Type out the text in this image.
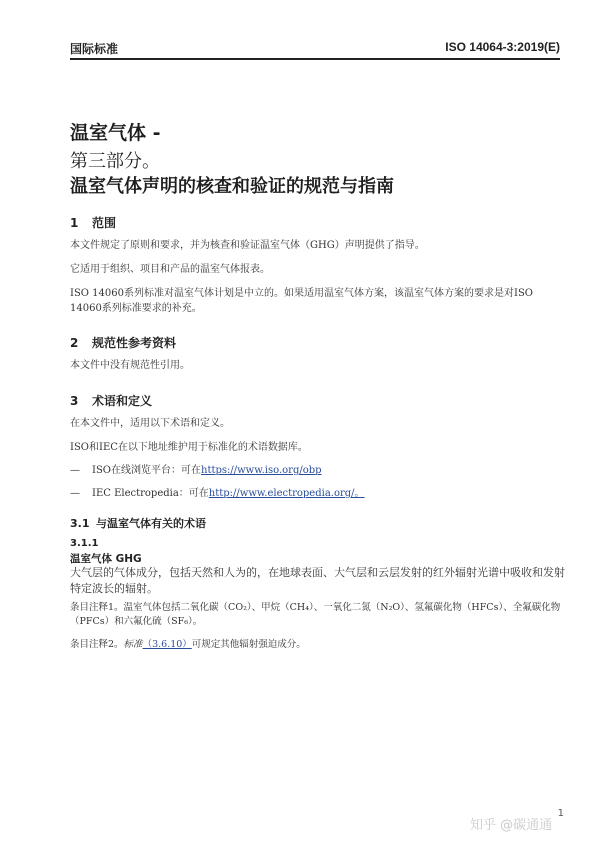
国际标准	ISO 14064-3:2019(E)
温室气体 -
第三部分。
温室气体声明的核查和验证的规范与指南
1 范围
本文件规定了原则和要求，并为核查和验证温室气体（GHG）声明提供了指导。
它适用于组织、项目和产品的温室气体报表。
ISO 14060系列标准对温室气体计划是中立的。如果适用温室气体方案，该温室气体方案的要求是对ISO 14060系列标准要求的补充。
2 规范性参考资料
本文件中没有规范性引用。
3 术语和定义
在本文件中，适用以下术语和定义。
ISO和IEC在以下地址维护用于标准化的术语数据库。
— ISO在线浏览平台：可在https://www.iso.org/obp
— IEC Electropedia：可在http://www.electropedia.org/。
3.1 与温室气体有关的术语
3.1.1
温室气体 GHG
大气层的气体成分，包括天然和人为的，在地球表面、大气层和云层发射的红外辐射光谱中吸收和发射特定波长的辐射。
条目注释1。温室气体包括二氧化碳（CO₂）、甲烷（CH₄）、一氧化二氮（N₂O）、氢氟碳化物（HFCs）、全氟碳化物（PFCs）和六氟化硫（SF₆）。
条目注释2。标准（3.6.10）可规定其他辐射强迫成分。
1
知乎 @碳通通
